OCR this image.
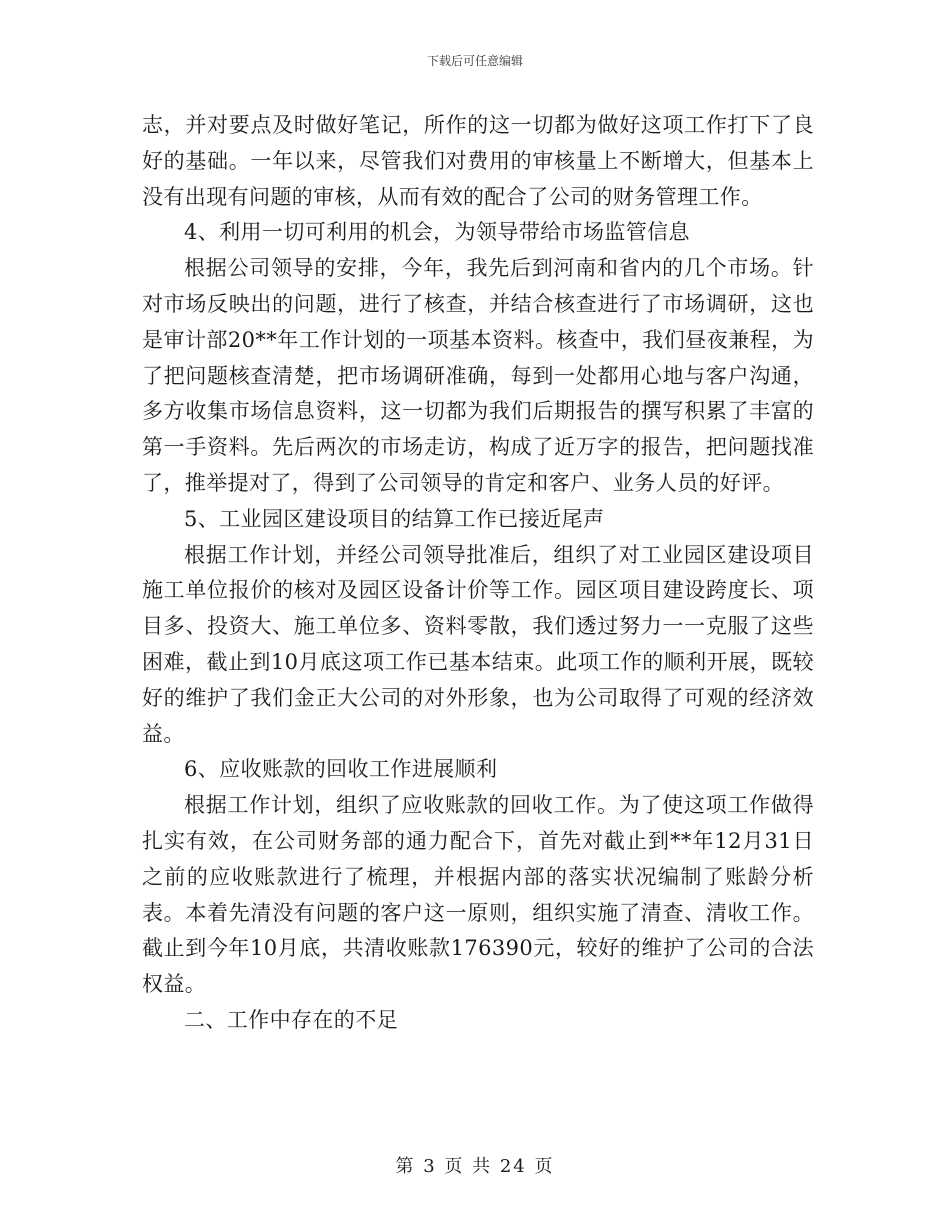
下载后可任意编辑

志，并对要点及时做好笔记，所作的这一切都为做好这项工作打下了良好的基础。一年以来，尽管我们对费用的审核量上不断增大，但基本上没有出现有问题的审核，从而有效的配合了公司的财务管理工作。

4、利用一切可利用的机会，为领导带给市场监管信息

根据公司领导的安排，今年，我先后到河南和省内的几个市场。针对市场反映出的问题，进行了核查，并结合核查进行了市场调研，这也是审计部20**年工作计划的一项基本资料。核查中，我们昼夜兼程，为了把问题核查清楚，把市场调研准确，每到一处都用心地与客户沟通，多方收集市场信息资料，这一切都为我们后期报告的撰写积累了丰富的第一手资料。先后两次的市场走访，构成了近万字的报告，把问题找准了，推举提对了，得到了公司领导的肯定和客户、业务人员的好评。

5、工业园区建设项目的结算工作已接近尾声

根据工作计划，并经公司领导批准后，组织了对工业园区建设项目施工单位报价的核对及园区设备计价等工作。园区项目建设跨度长、项目多、投资大、施工单位多、资料零散，我们透过努力一一克服了这些困难，截止到10月底这项工作已基本结束。此项工作的顺利开展，既较好的维护了我们金正大公司的对外形象，也为公司取得了可观的经济效益。

6、应收账款的回收工作进展顺利

根据工作计划，组织了应收账款的回收工作。为了使这项工作做得扎实有效，在公司财务部的通力配合下，首先对截止到**年12月31日之前的应收账款进行了梳理，并根据内部的落实状况编制了账龄分析表。本着先清没有问题的客户这一原则，组织实施了清查、清收工作。截止到今年10月底，共清收账款176390元，较好的维护了公司的合法权益。

二、工作中存在的不足

第 3 页 共 24 页
